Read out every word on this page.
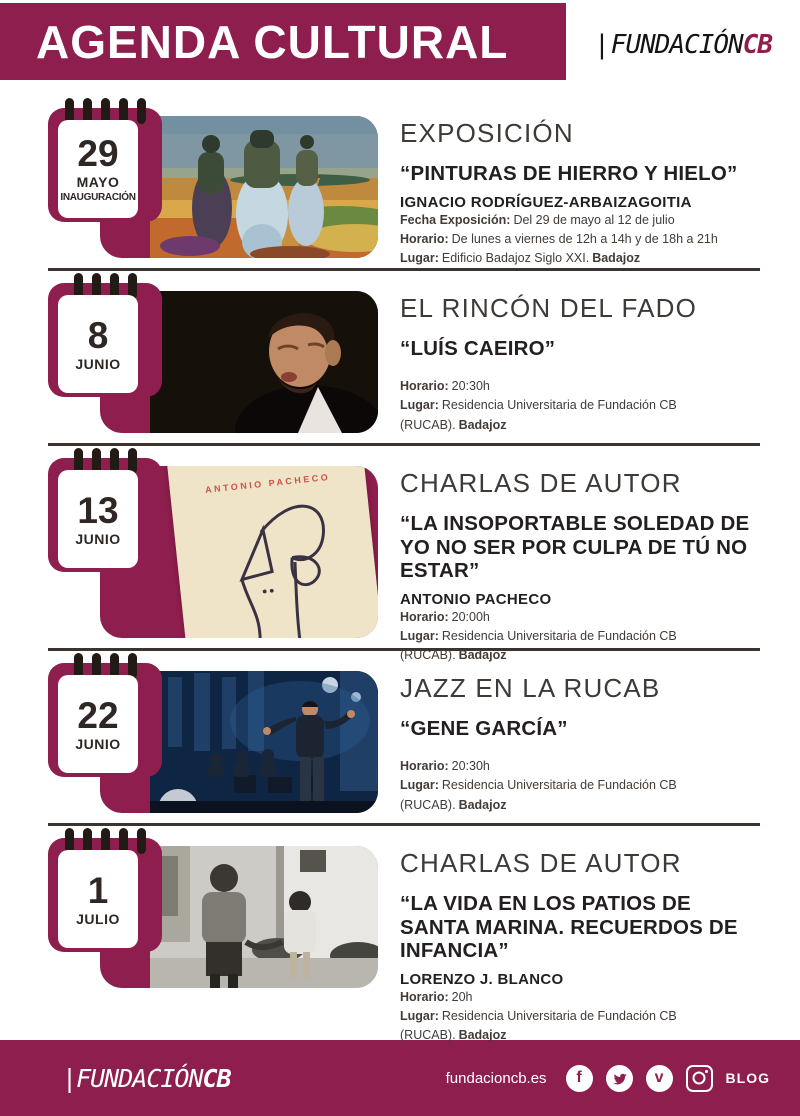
AGENDA CULTURAL	|FUNDACIÓNCB
29
MAYO
INAUGURACIÓN
EXPOSICIÓN
“PINTURAS DE HIERRO Y HIELO”
IGNACIO RODRÍGUEZ-ARBAIZAGOITIA
Fecha Exposición: Del 29 de mayo al 12 de julio
Horario: De lunes a viernes de 12h a 14h y de 18h a 21h
Lugar: Edificio Badajoz Siglo XXI. Badajoz
8
JUNIO
EL RINCÓN DEL FADO
“LUÍS CAEIRO”
Horario: 20:30h
Lugar: Residencia Universitaria de Fundación CB (RUCAB). Badajoz
ANTONIO PACHECO
13
JUNIO
CHARLAS DE AUTOR
“LA INSOPORTABLE SOLEDAD DE YO NO SER POR CULPA DE TÚ NO ESTAR”
ANTONIO PACHECO
Horario: 20:00h
Lugar: Residencia Universitaria de Fundación CB (RUCAB). Badajoz
22
JUNIO
JAZZ EN LA RUCAB
“GENE GARCÍA”
Horario: 20:30h
Lugar: Residencia Universitaria de Fundación CB (RUCAB). Badajoz
1
JULIO
CHARLAS DE AUTOR
“LA VIDA EN LOS PATIOS DE SANTA MARINA. RECUERDOS DE INFANCIA”
LORENZO J. BLANCO
Horario: 20h
Lugar: Residencia Universitaria de Fundación CB (RUCAB). Badajoz
|FUNDACIÓNCB	fundacioncb.es	f	v	BLOG
